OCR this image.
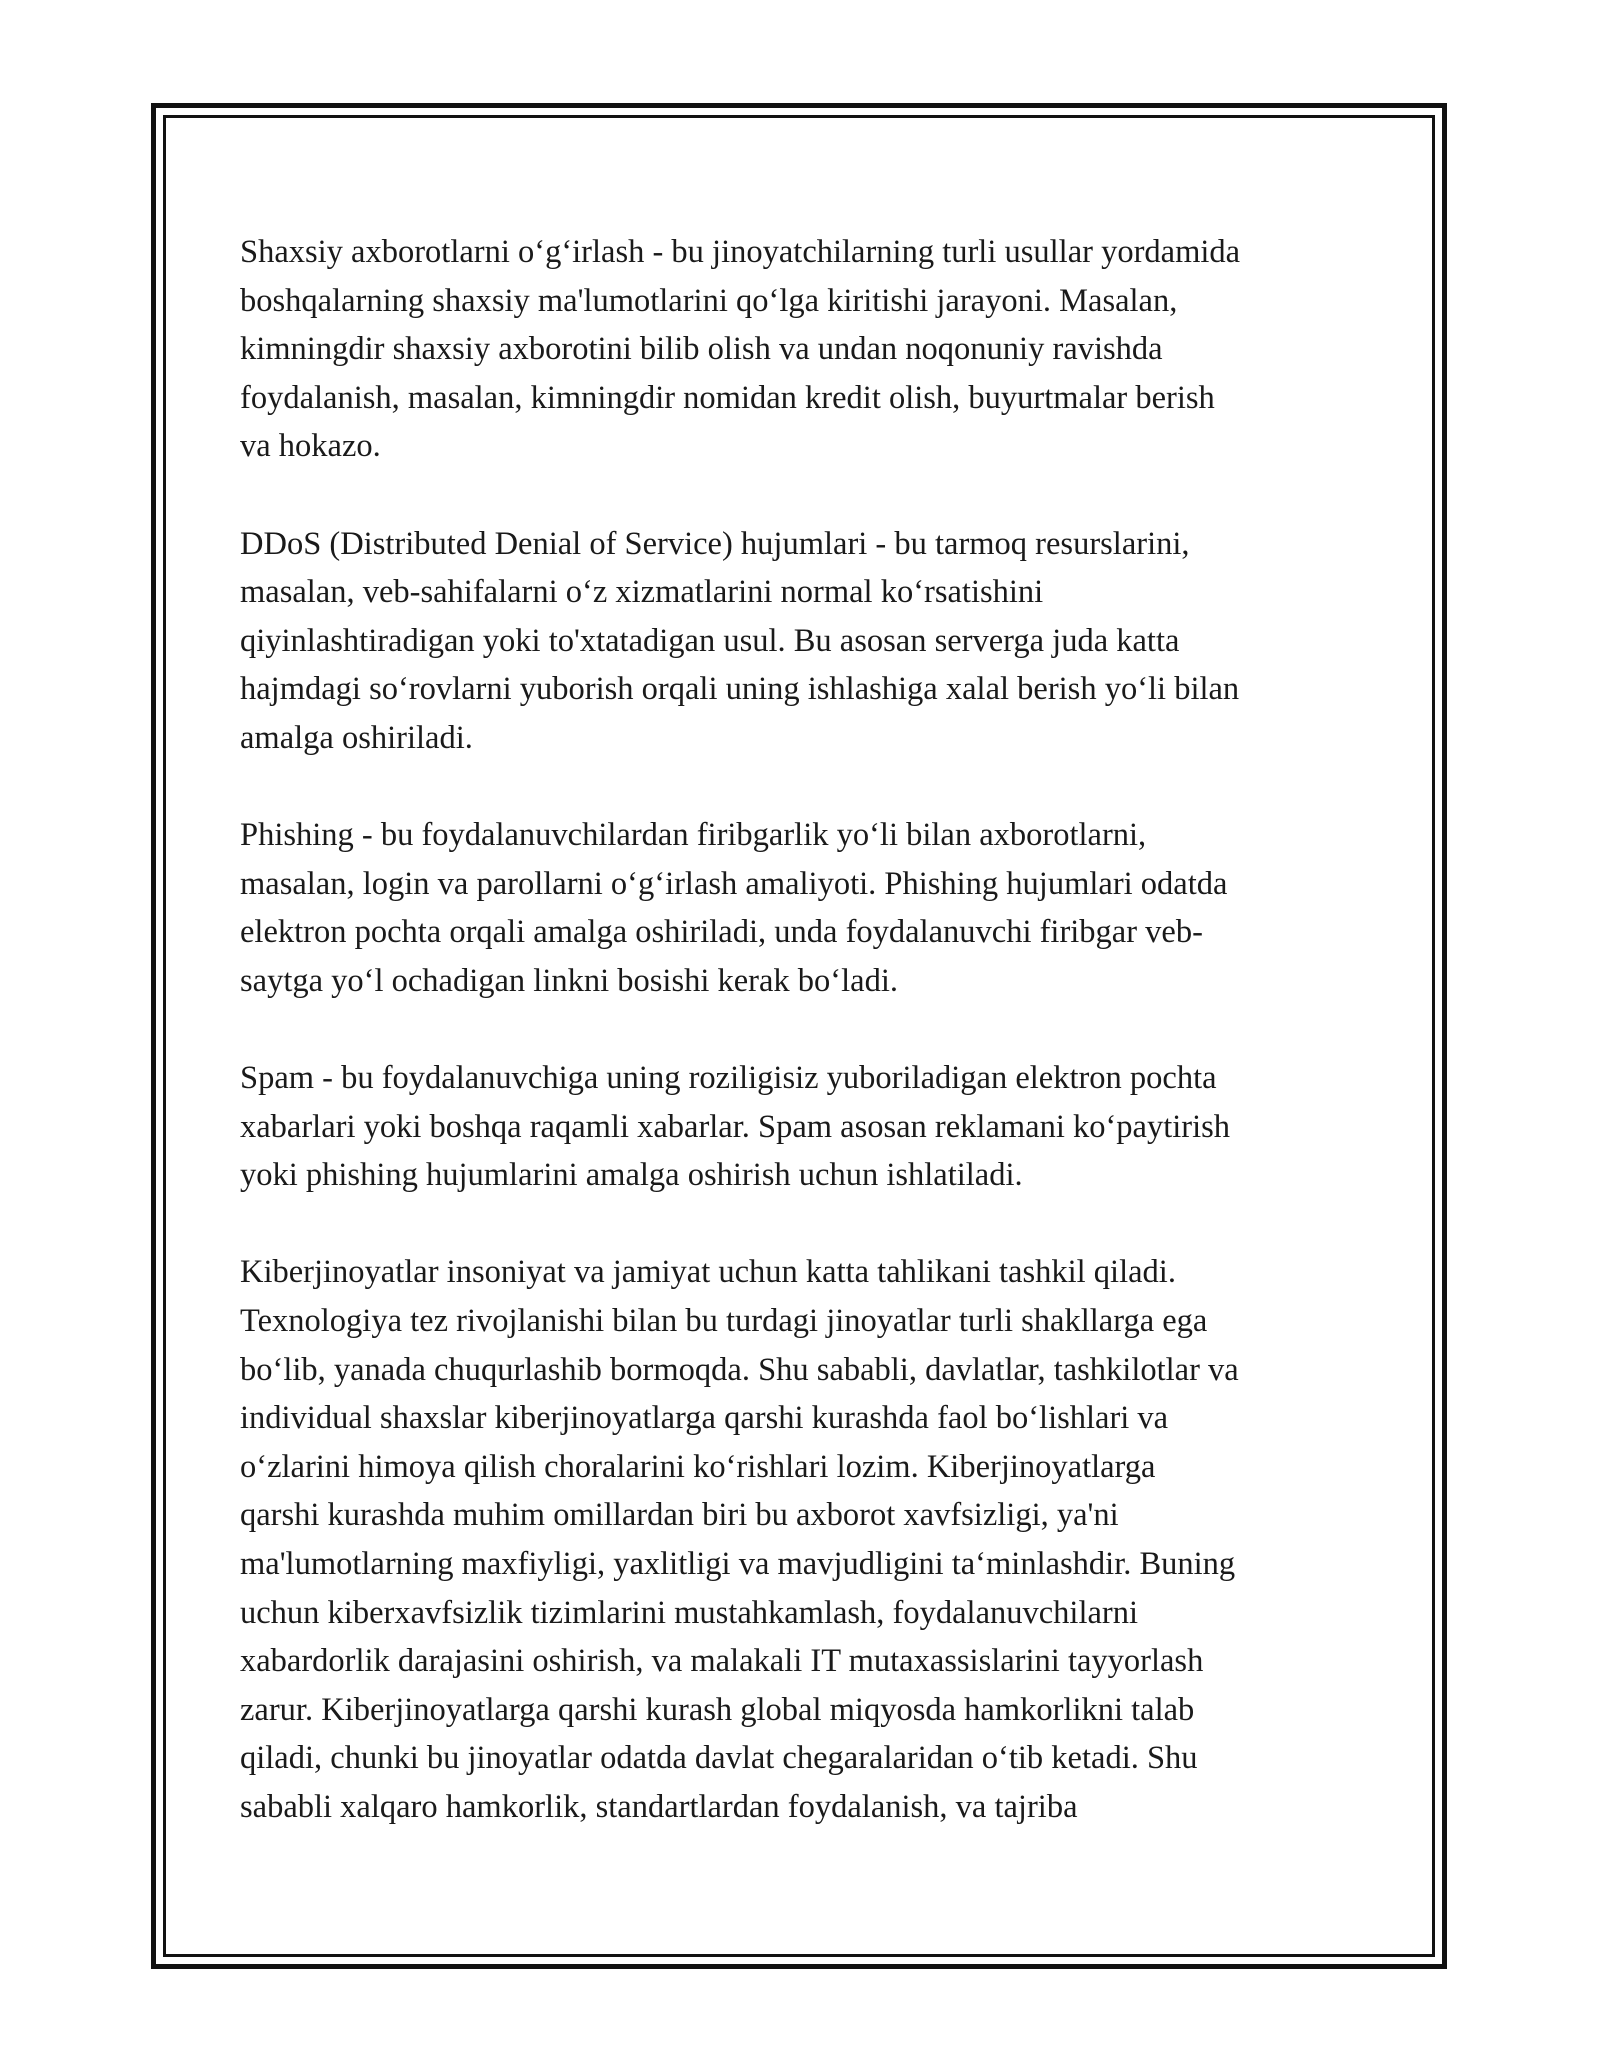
Shaxsiy axborotlarni o‘g‘irlash - bu jinoyatchilarning turli usullar yordamida
boshqalarning shaxsiy ma'lumotlarini qo‘lga kiritishi jarayoni. Masalan,
kimningdir shaxsiy axborotini bilib olish va undan noqonuniy ravishda
foydalanish, masalan, kimningdir nomidan kredit olish, buyurtmalar berish
va hokazo.

DDoS (Distributed Denial of Service) hujumlari - bu tarmoq resurslarini,
masalan, veb-sahifalarni o‘z xizmatlarini normal ko‘rsatishini
qiyinlashtiradigan yoki to'xtatadigan usul. Bu asosan serverga juda katta
hajmdagi so‘rovlarni yuborish orqali uning ishlashiga xalal berish yo‘li bilan
amalga oshiriladi.

Phishing - bu foydalanuvchilardan firibgarlik yo‘li bilan axborotlarni,
masalan, login va parollarni o‘g‘irlash amaliyoti. Phishing hujumlari odatda
elektron pochta orqali amalga oshiriladi, unda foydalanuvchi firibgar veb-
saytga yo‘l ochadigan linkni bosishi kerak bo‘ladi.

Spam - bu foydalanuvchiga uning roziligisiz yuboriladigan elektron pochta
xabarlari yoki boshqa raqamli xabarlar. Spam asosan reklamani ko‘paytirish
yoki phishing hujumlarini amalga oshirish uchun ishlatiladi.

Kiberjinoyatlar insoniyat va jamiyat uchun katta tahlikani tashkil qiladi.
Texnologiya tez rivojlanishi bilan bu turdagi jinoyatlar turli shakllarga ega
bo‘lib, yanada chuqurlashib bormoqda. Shu sababli, davlatlar, tashkilotlar va
individual shaxslar kiberjinoyatlarga qarshi kurashda faol bo‘lishlari va
o‘zlarini himoya qilish choralarini ko‘rishlari lozim. Kiberjinoyatlarga
qarshi kurashda muhim omillardan biri bu axborot xavfsizligi, ya'ni
ma'lumotlarning maxfiyligi, yaxlitligi va mavjudligini ta‘minlashdir. Buning
uchun kiberxavfsizlik tizimlarini mustahkamlash, foydalanuvchilarni
xabardorlik darajasini oshirish, va malakali IT mutaxassislarini tayyorlash
zarur. Kiberjinoyatlarga qarshi kurash global miqyosda hamkorlikni talab
qiladi, chunki bu jinoyatlar odatda davlat chegaralaridan o‘tib ketadi. Shu
sababli xalqaro hamkorlik, standartlardan foydalanish, va tajriba
